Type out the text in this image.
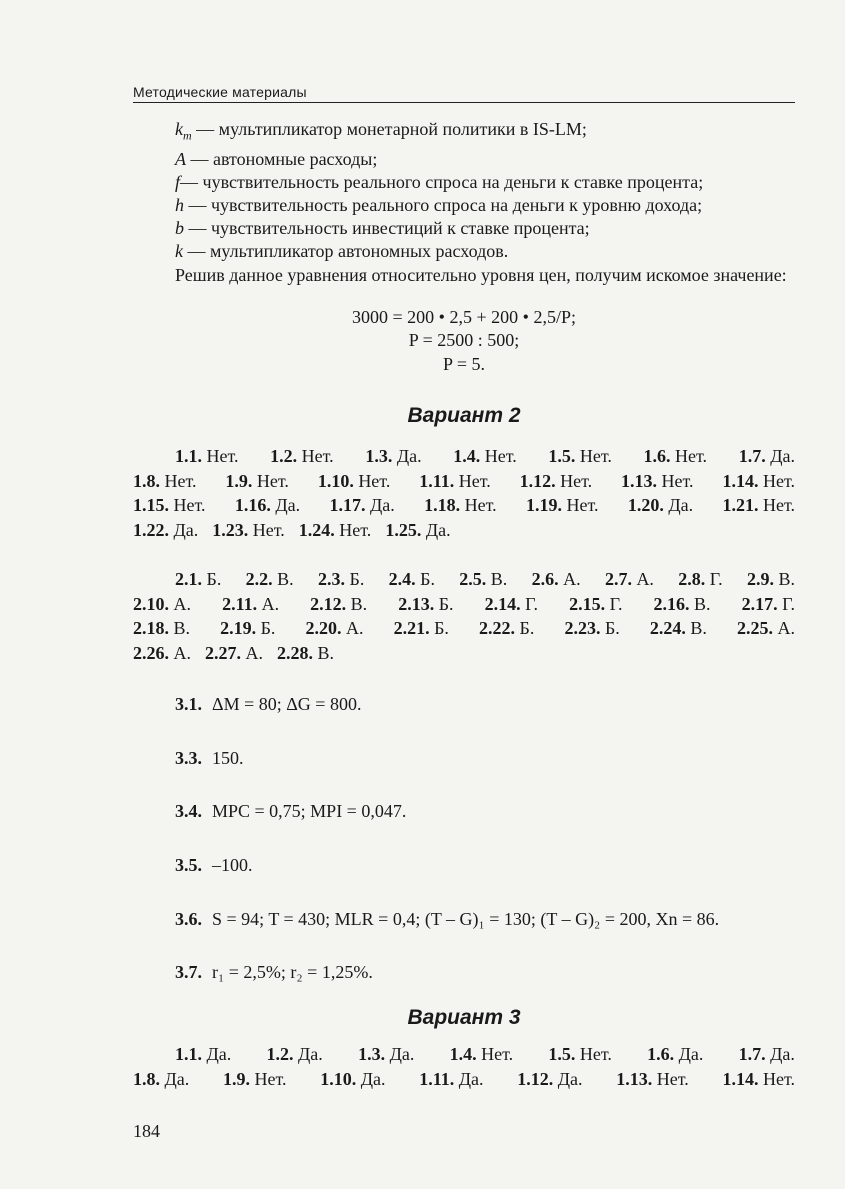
Методические материалы
$k_m$ — мультипликатор монетарной политики в IS-LM;
A — автономные расходы;
f— чувствительность реального спроса на деньги к ставке процента;
h — чувствительность реального спроса на деньги к уровню дохода;
b — чувствительность инвестиций к ставке процента;
k — мультипликатор автономных расходов.
Решив данное уравнения относительно уровня цен, получим искомое значение:
3000 = 200 • 2,5 + 200 • 2,5/P;
P = 2500 : 500;
P = 5.
Вариант 2
1.1. Нет. 1.2. Нет. 1.3. Да. 1.4. Нет. 1.5. Нет. 1.6. Нет. 1.7. Да.
1.8. Нет. 1.9. Нет. 1.10. Нет. 1.11. Нет. 1.12. Нет. 1.13. Нет. 1.14. Нет.
1.15. Нет. 1.16. Да. 1.17. Да. 1.18. Нет. 1.19. Нет. 1.20. Да. 1.21. Нет.
1.22. Да. 1.23. Нет. 1.24. Нет. 1.25. Да.
2.1. Б. 2.2. В. 2.3. Б. 2.4. Б. 2.5. В. 2.6. А. 2.7. А. 2.8. Г. 2.9. В.
2.10. А. 2.11. А. 2.12. В. 2.13. Б. 2.14. Г. 2.15. Г. 2.16. В. 2.17. Г.
2.18. В. 2.19. Б. 2.20. А. 2.21. Б. 2.22. Б. 2.23. Б. 2.24. В. 2.25. А.
2.26. А. 2.27. А. 2.28. В.
3.1. ΔM = 80; ΔG = 800.
3.3. 150.
3.4. MPC = 0,75; MPI = 0,047.
3.5. –100.
3.6. S = 94; T = 430; MLR = 0,4; (T – G)₁ = 130; (T – G)₂ = 200, Xn = 86.
3.7. r₁ = 2,5%; r₂ = 1,25%.
Вариант 3
1.1. Да. 1.2. Да. 1.3. Да. 1.4. Нет. 1.5. Нет. 1.6. Да. 1.7. Да.
1.8. Да. 1.9. Нет. 1.10. Да. 1.11. Да. 1.12. Да. 1.13. Нет. 1.14. Нет.
184
